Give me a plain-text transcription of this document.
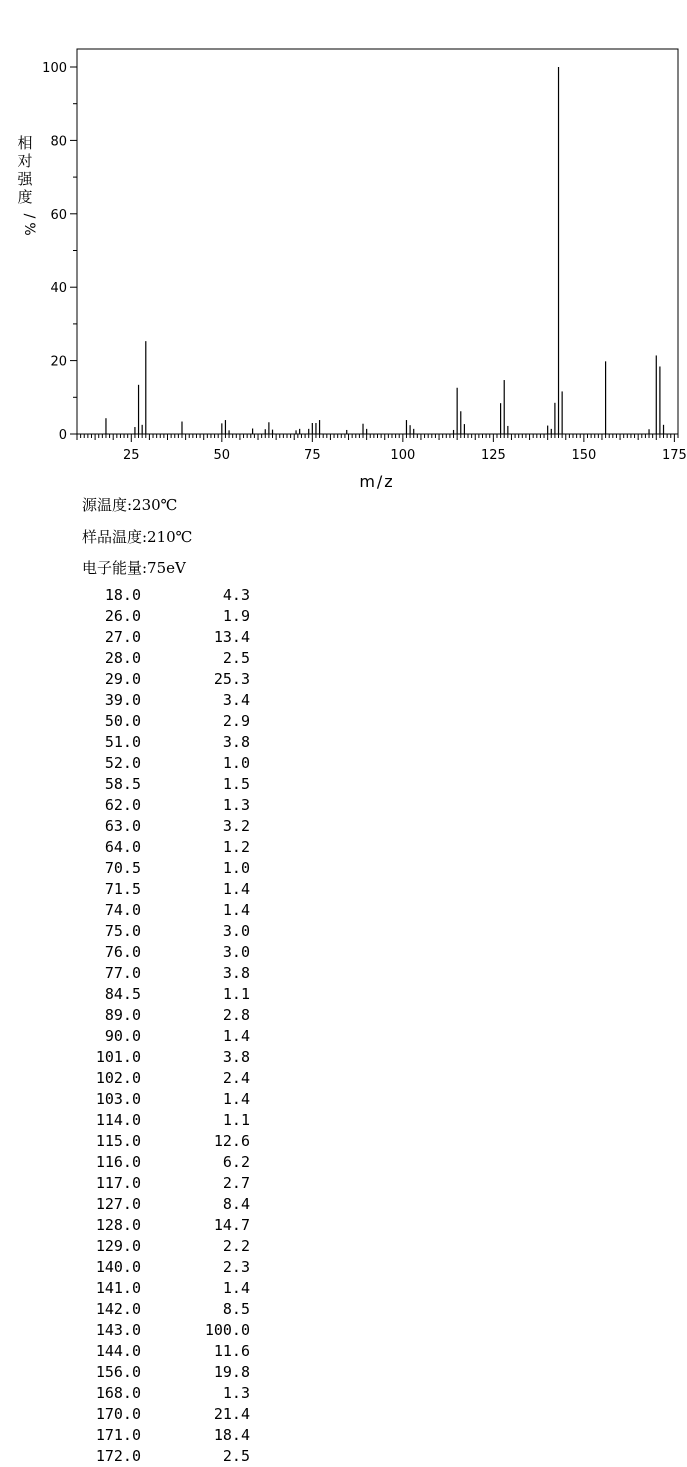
0
20
40
60
80
100
25	50	75	100	125	150	175
m/z
相
对
强
度
/
%
源温度:230℃
样品温度:210℃
电子能量:75eV
18.0	4.3
26.0	1.9
27.0	13.4
28.0	2.5
29.0	25.3
39.0	3.4
50.0	2.9
51.0	3.8
52.0	1.0
58.5	1.5
62.0	1.3
63.0	3.2
64.0	1.2
70.5	1.0
71.5	1.4
74.0	1.4
75.0	3.0
76.0	3.0
77.0	3.8
84.5	1.1
89.0	2.8
90.0	1.4
101.0	3.8
102.0	2.4
103.0	1.4
114.0	1.1
115.0	12.6
116.0	6.2
117.0	2.7
127.0	8.4
128.0	14.7
129.0	2.2
140.0	2.3
141.0	1.4
142.0	8.5
143.0	100.0
144.0	11.6
156.0	19.8
168.0	1.3
170.0	21.4
171.0	18.4
172.0	2.5
